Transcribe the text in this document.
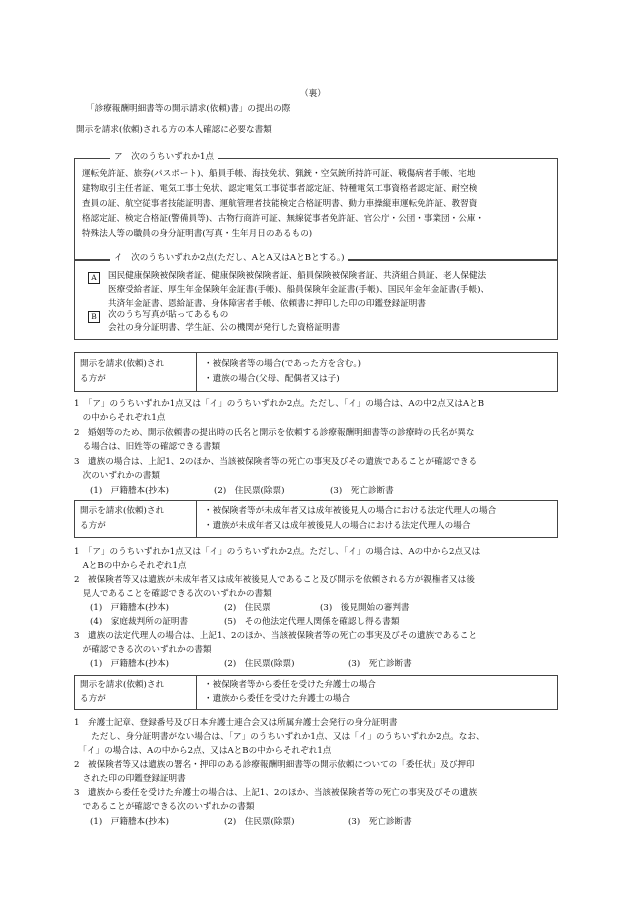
（裏）
「診療報酬明細書等の開示請求(依頼)書」の提出の際
開示を請求(依頼)される方の本人確認に必要な書類
ア　次のうちいずれか1点
運転免許証、旅券(パスポート)、船員手帳、海技免状、猟銃・空気銃所持許可証、戦傷病者手帳、宅地
建物取引主任者証、電気工事士免状、認定電気工事従事者認定証、特種電気工事資格者認定証、耐空検
査員の証、航空従事者技能証明書、運航管理者技能検定合格証明書、動力車操縦車運転免許証、教習資
格認定証、検定合格証(警備員等)、古物行商許可証、無線従事者免許証、官公庁・公団・事業団・公庫・
特殊法人等の職員の身分証明書(写真・生年月日のあるもの)
イ　次のうちいずれか2点(ただし、AとA又はAとBとする。)
A	国民健康保険被保険者証、健康保険被保険者証、船員保険被保険者証、共済組合員証、老人保健法
医療受給者証、厚生年金保険年金証書(手帳)、船員保険年金証書(手帳)、国民年金年金証書(手帳)、
共済年金証書、恩給証書、身体障害者手帳、依頼書に押印した印の印鑑登録証明書
B	次のうち写真が貼ってあるもの
会社の身分証明書、学生証、公の機関が発行した資格証明書
開示を請求(依頼)され
る方が
・被保険者等の場合(であった方を含む。)
・遺族の場合(父母、配偶者又は子)
1　「ア」のうちいずれか1点又は「イ」のうちいずれか2点。ただし、「イ」の場合は、Aの中2点又はAとB
　の中からそれぞれ1点
2　婚姻等のため、開示依頼書の提出時の氏名と開示を依頼する診療報酬明細書等の診療時の氏名が異な
　る場合は、旧姓等の確認できる書類
3　遺族の場合は、上記1、2のほか、当該被保険者等の死亡の事実及びその遺族であることが確認できる
　次のいずれかの書類
(1)　戸籍謄本(抄本)	(2)　住民票(除票)	(3)　死亡診断書
開示を請求(依頼)され
る方が
・被保険者等が未成年者又は成年被後見人の場合における法定代理人の場合
・遺族が未成年者又は成年被後見人の場合における法定代理人の場合
1　「ア」のうちいずれか1点又は「イ」のうちいずれか2点。ただし、「イ」の場合は、Aの中から2点又は
　AとBの中からそれぞれ1点
2　被保険者等又は遺族が未成年者又は成年被後見人であること及び開示を依頼される方が親権者又は後
　見人であることを確認できる次のいずれかの書類
(1)　戸籍謄本(抄本)	(2)　住民票	(3)　後見開始の審判書
(4)　家庭裁判所の証明書	(5)　その他法定代理人関係を確認し得る書類
3　遺族の法定代理人の場合は、上記1、2のほか、当該被保険者等の死亡の事実及びその遺族であること
　が確認できる次のいずれかの書類
(1)　戸籍謄本(抄本)	(2)　住民票(除票)	(3)　死亡診断書
開示を請求(依頼)され
る方が
・被保険者等から委任を受けた弁護士の場合
・遺族から委任を受けた弁護士の場合
1　弁護士記章、登録番号及び日本弁護士連合会又は所属弁護士会発行の身分証明書
　　ただし、身分証明書がない場合は、「ア」のうちいずれか1点、又は「イ」のうちいずれか2点。なお、
　「イ」の場合は、Aの中から2点、又はAとBの中からそれぞれ1点
2　被保険者等又は遺族の署名・押印のある診療報酬明細書等の開示依頼についての「委任状」及び押印
　された印の印鑑登録証明書
3　遺族から委任を受けた弁護士の場合は、上記1、2のほか、当該被保険者等の死亡の事実及びその遺族
　であることが確認できる次のいずれかの書類
(1)　戸籍謄本(抄本)	(2)　住民票(除票)	(3)　死亡診断書
